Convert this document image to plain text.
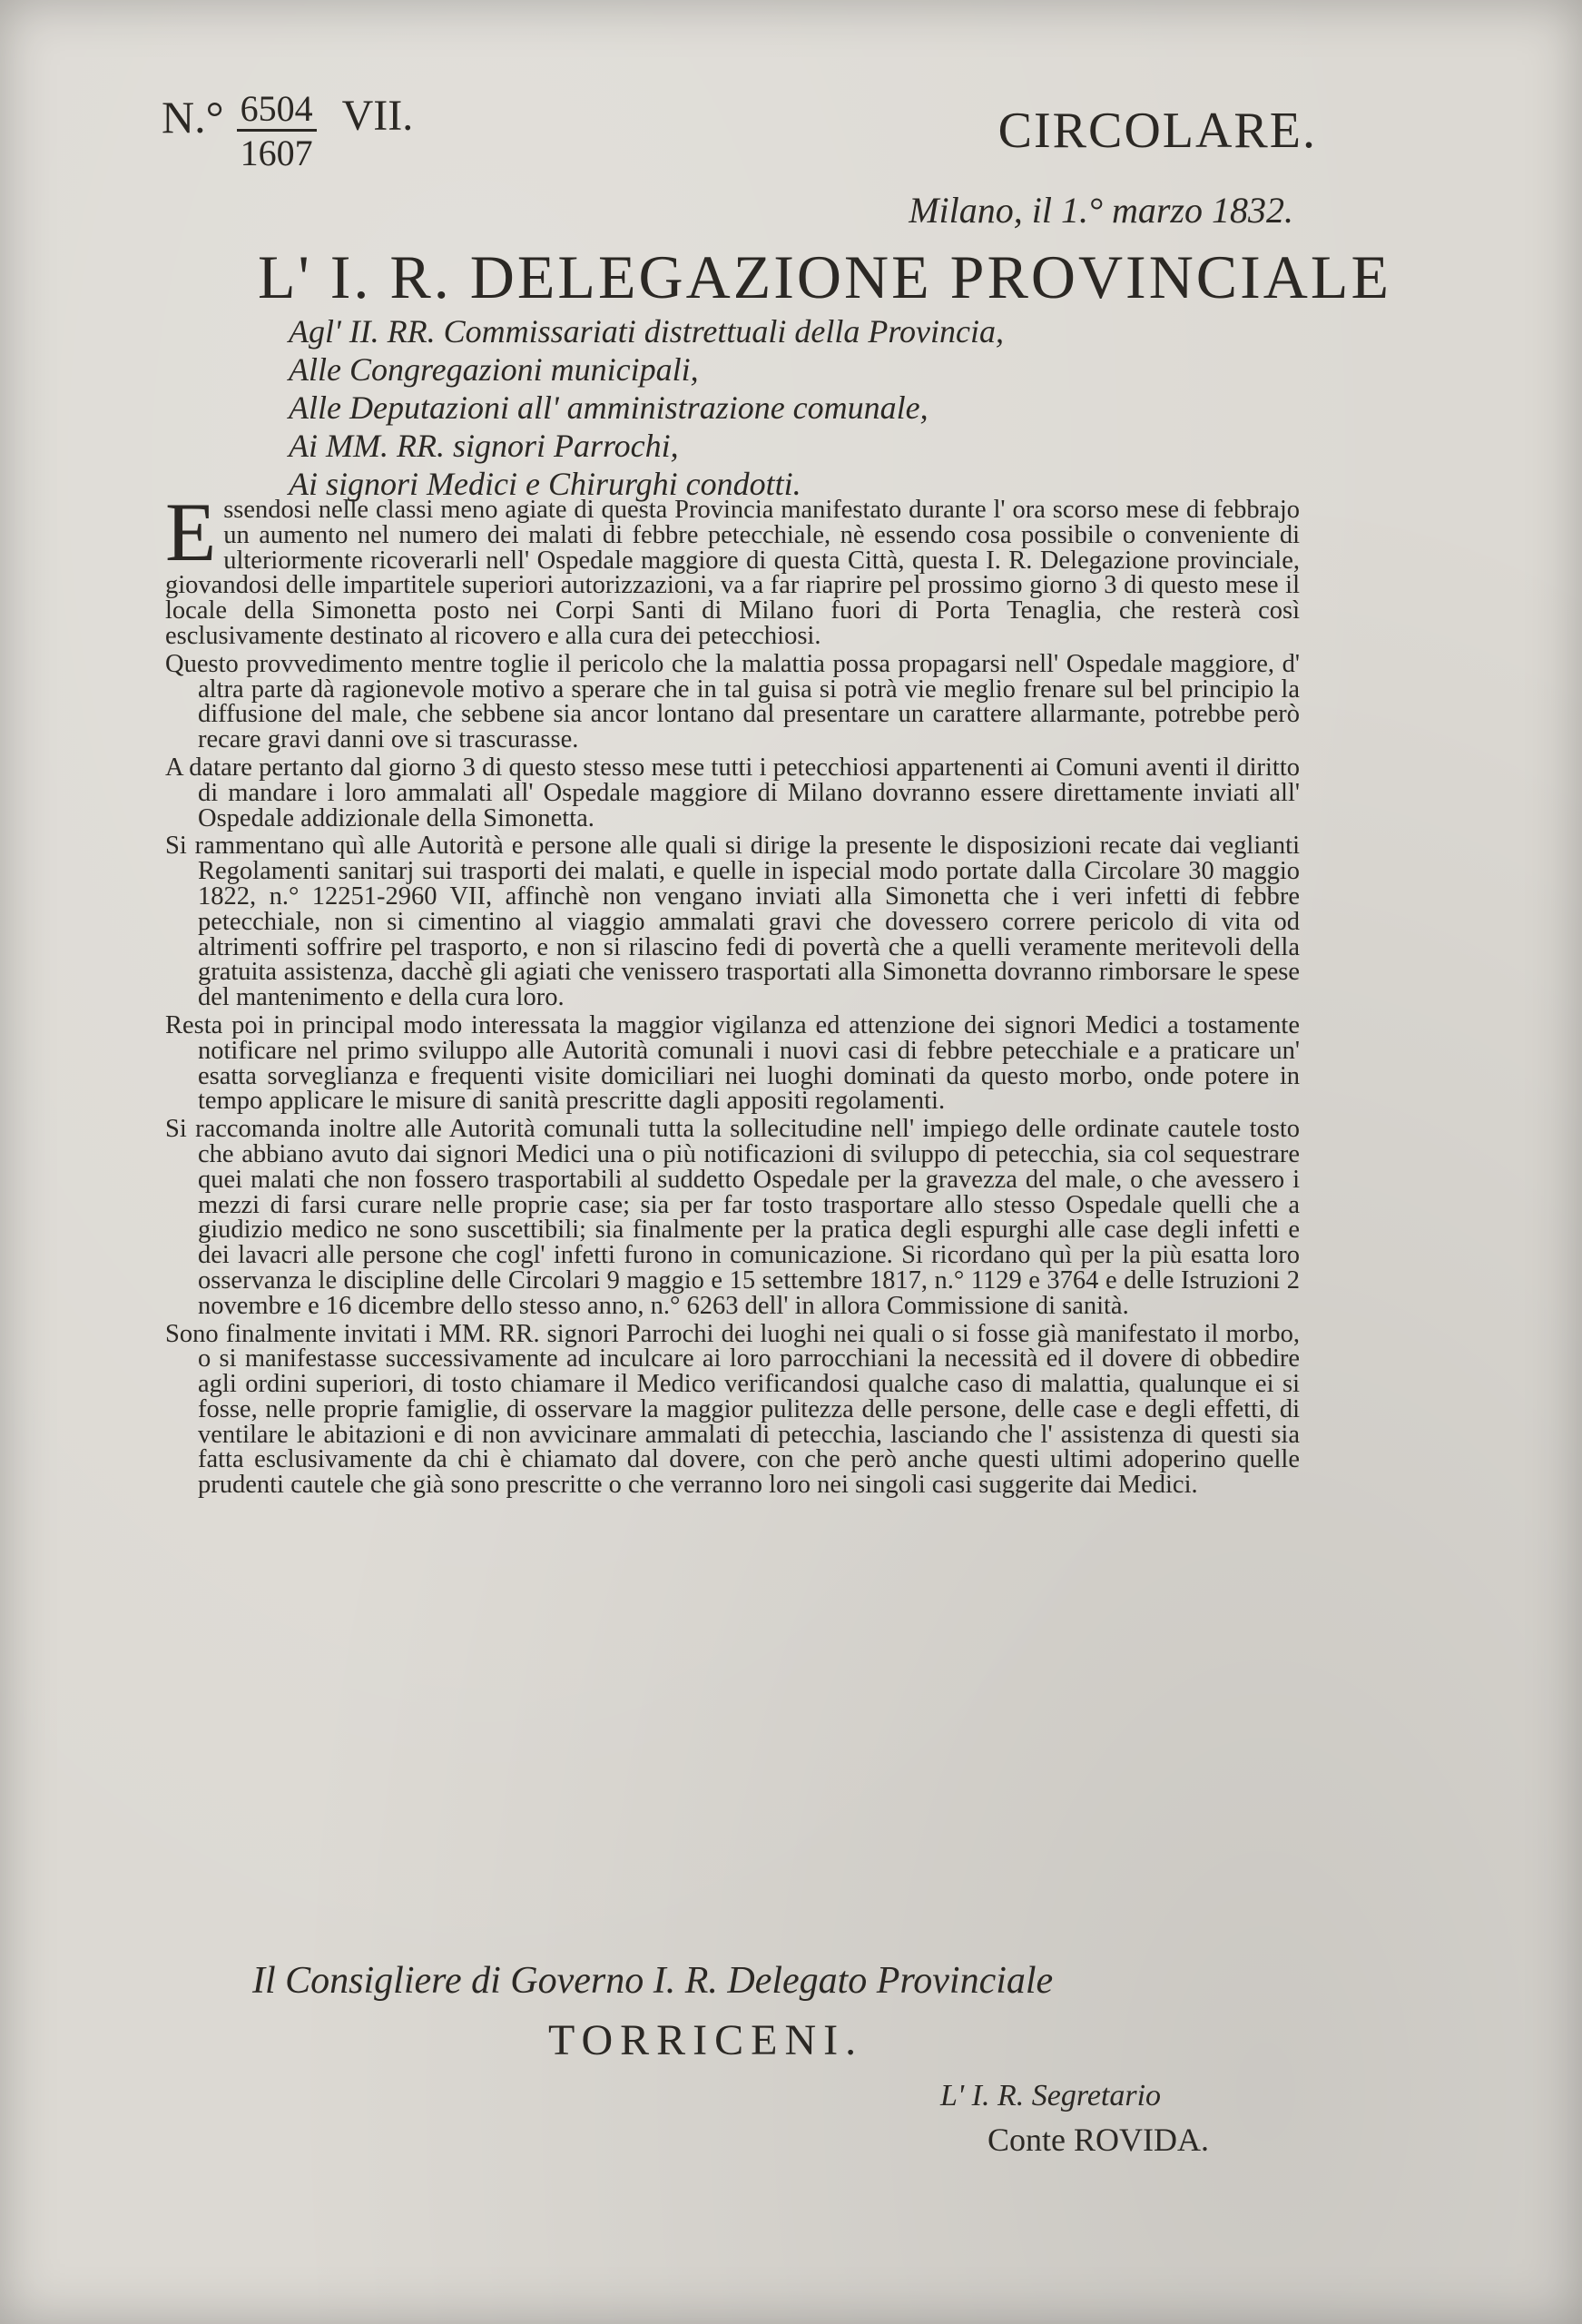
$N.^\circ \frac{6504}{1607}$ VII.	CIRCOLARE.
Milano, il 1.° marzo 1832.
L' I. R. DELEGAZIONE PROVINCIALE
Agl' II. RR. Commissariati distrettuali della Provincia,
Alle Congregazioni municipali,
Alle Deputazioni all' amministrazione comunale,
Ai MM. RR. signori Parrochi,
Ai signori Medici e Chirurghi condotti.

Essendosi nelle classi meno agiate di questa Provincia manifestato durante l' ora scorso mese di febbrajo un aumento nel numero dei malati di febbre petecchiale, nè essendo cosa possibile o conveniente di ulteriormente ricoverarli nell' Ospedale maggiore di questa Città, questa I. R. Delegazione provinciale, giovandosi delle impartitele superiori autorizzazioni, va a far riaprire pel prossimo giorno 3 di questo mese il locale della Simonetta posto nei Corpi Santi di Milano fuori di Porta Tenaglia, che resterà così esclusivamente destinato al ricovero e alla cura dei petecchiosi.

Questo provvedimento mentre toglie il pericolo che la malattia possa propagarsi nell' Ospedale maggiore, d' altra parte dà ragionevole motivo a sperare che in tal guisa si potrà vie meglio frenare sul bel principio la diffusione del male, che sebbene sia ancor lontano dal presentare un carattere allarmante, potrebbe però recare gravi danni ove si trascurasse.

A datare pertanto dal giorno 3 di questo stesso mese tutti i petecchiosi appartenenti ai Comuni aventi il diritto di mandare i loro ammalati all' Ospedale maggiore di Milano dovranno essere direttamente inviati all' Ospedale addizionale della Simonetta.

Si rammentano quì alle Autorità e persone alle quali si dirige la presente le disposizioni recate dai veglianti Regolamenti sanitarj sui trasporti dei malati, e quelle in ispecial modo portate dalla Circolare 30 maggio 1822, n.° 12251-2960 VII, affinchè non vengano inviati alla Simonetta che i veri infetti di febbre petecchiale, non si cimentino al viaggio ammalati gravi che dovessero correre pericolo di vita od altrimenti soffrire pel trasporto, e non si rilascino fedi di povertà che a quelli veramente meritevoli della gratuita assistenza, dacchè gli agiati che venissero trasportati alla Simonetta dovranno rimborsare le spese del mantenimento e della cura loro.

Resta poi in principal modo interessata la maggior vigilanza ed attenzione dei signori Medici a tostamente notificare nel primo sviluppo alle Autorità comunali i nuovi casi di febbre petecchiale e a praticare un' esatta sorveglianza e frequenti visite domiciliari nei luoghi dominati da questo morbo, onde potere in tempo applicare le misure di sanità prescritte dagli appositi regolamenti.

Si raccomanda inoltre alle Autorità comunali tutta la sollecitudine nell' impiego delle ordinate cautele tosto che abbiano avuto dai signori Medici una o più notificazioni di sviluppo di petecchia, sia col sequestrare quei malati che non fossero trasportabili al suddetto Ospedale per la gravezza del male, o che avessero i mezzi di farsi curare nelle proprie case; sia per far tosto trasportare allo stesso Ospedale quelli che a giudizio medico ne sono suscettibili; sia finalmente per la pratica degli espurghi alle case degli infetti e dei lavacri alle persone che cogl' infetti furono in comunicazione. Si ricordano quì per la più esatta loro osservanza le discipline delle Circolari 9 maggio e 15 settembre 1817, n.° 1129 e 3764 e delle Istruzioni 2 novembre e 16 dicembre dello stesso anno, n.° 6263 dell' in allora Commissione di sanità.

Sono finalmente invitati i MM. RR. signori Parrochi dei luoghi nei quali o si fosse già manifestato il morbo, o si manifestasse successivamente ad inculcare ai loro parrocchiani la necessità ed il dovere di obbedire agli ordini superiori, di tosto chiamare il Medico verificandosi qualche caso di malattia, qualunque ei si fosse, nelle proprie famiglie, di osservare la maggior pulitezza delle persone, delle case e degli effetti, di ventilare le abitazioni e di non avvicinare ammalati di petecchia, lasciando che l' assistenza di questi sia fatta esclusivamente da chi è chiamato dal dovere, con che però anche questi ultimi adoperino quelle prudenti cautele che già sono prescritte o che verranno loro nei singoli casi suggerite dai Medici.

Il Consigliere di Governo I. R. Delegato Provinciale
TORRICENI.
L' I. R. Segretario
Conte ROVIDA.
